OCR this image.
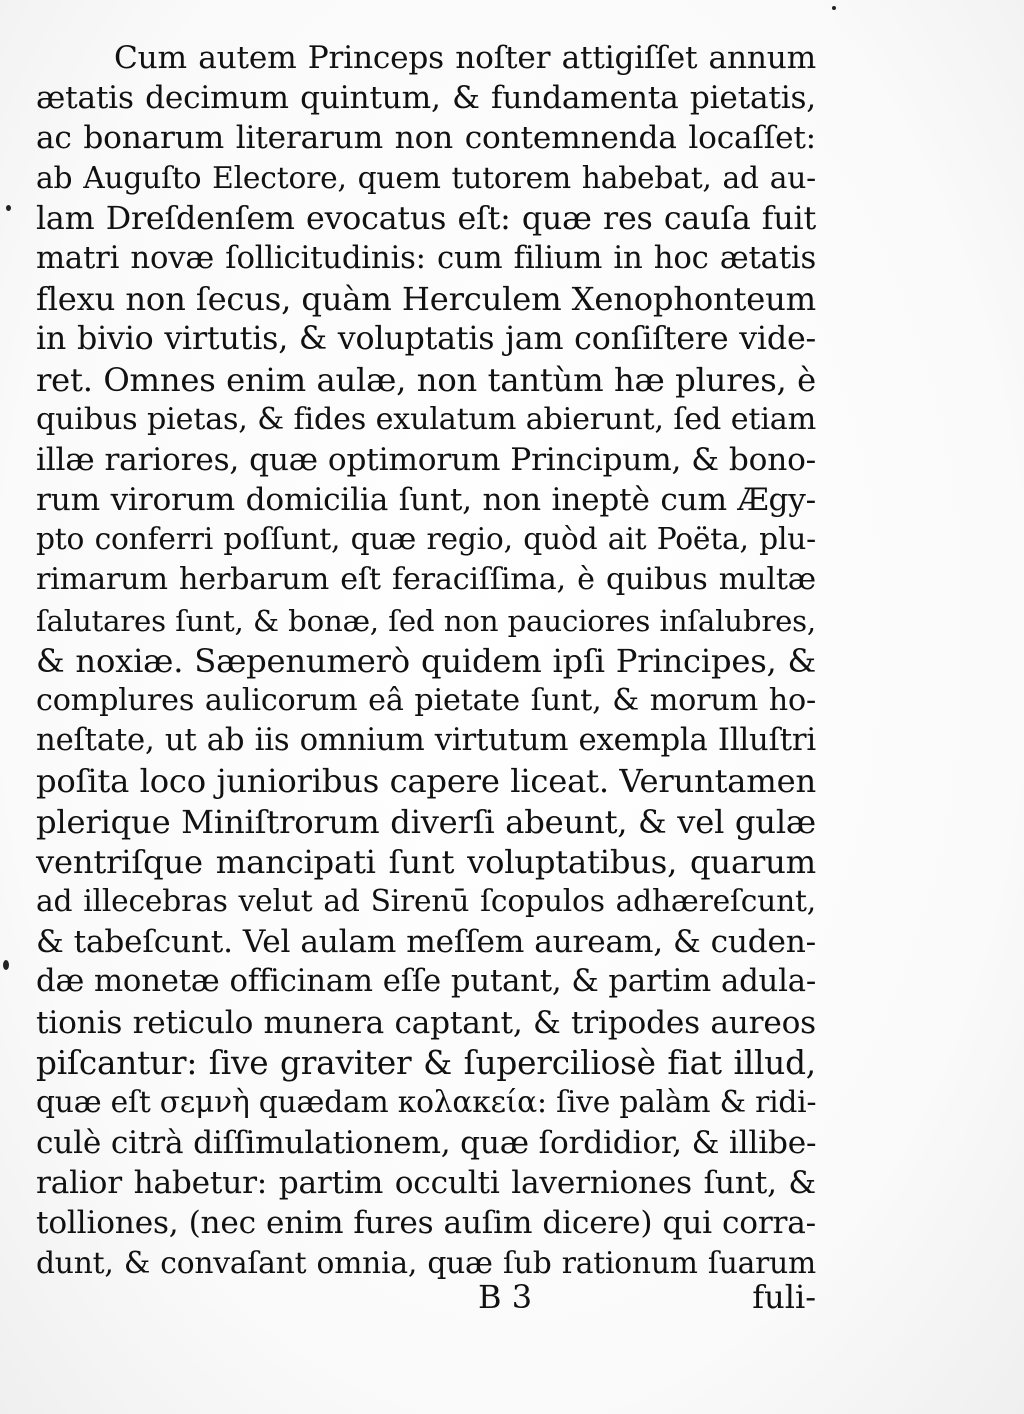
Cum autem Princeps noſter attigiſſet annum
ætatis decimum quintum, & fundamenta pietatis,
ac bonarum literarum non contemnenda locaſſet:
ab Auguſto Electore, quem tutorem habebat, ad au-
lam Dreſdenſem evocatus eſt: quæ res cauſa fuit
matri novæ ſollicitudinis: cum filium in hoc ætatis
flexu non ſecus, quàm Herculem Xenophonteum
in bivio virtutis, & voluptatis jam conſiſtere vide-
ret. Omnes enim aulæ, non tantùm hæ plures, è
quibus pietas, & fides exulatum abierunt, ſed etiam
illæ rariores, quæ optimorum Principum, & bono-
rum virorum domicilia ſunt, non ineptè cum Ægy-
pto conferri poſſunt, quæ regio, quòd ait Poëta, plu-
rimarum herbarum eſt feraciſſima, è quibus multæ
ſalutares ſunt, & bonæ, ſed non pauciores inſalubres,
& noxiæ. Sæpenumerò quidem ipſi Principes, &
complures aulicorum eâ pietate ſunt, & morum ho-
neſtate, ut ab iis omnium virtutum exempla Illuſtri
poſita loco junioribus capere liceat. Veruntamen
plerique Miniſtrorum diverſi abeunt, & vel gulæ
ventriſque mancipati ſunt voluptatibus, quarum
ad illecebras velut ad Sirenū ſcopulos adhæreſcunt,
& tabeſcunt. Vel aulam meſſem auream, & cuden-
dæ monetæ officinam eſſe putant, & partim adula-
tionis reticulo munera captant, & tripodes aureos
piſcantur: ſive graviter & ſuperciliosè fiat illud,
quæ eſt σεμνὴ quædam κολακεία: ſive palàm & ridi-
culè citrà diſſimulationem, quæ ſordidior, & illibe-
ralior habetur: partim occulti laverniones ſunt, &
tolliones, (nec enim fures auſim dicere) qui corra-
dunt, & convaſant omnia, quæ ſub rationum ſuarum
B 3	fuli-
